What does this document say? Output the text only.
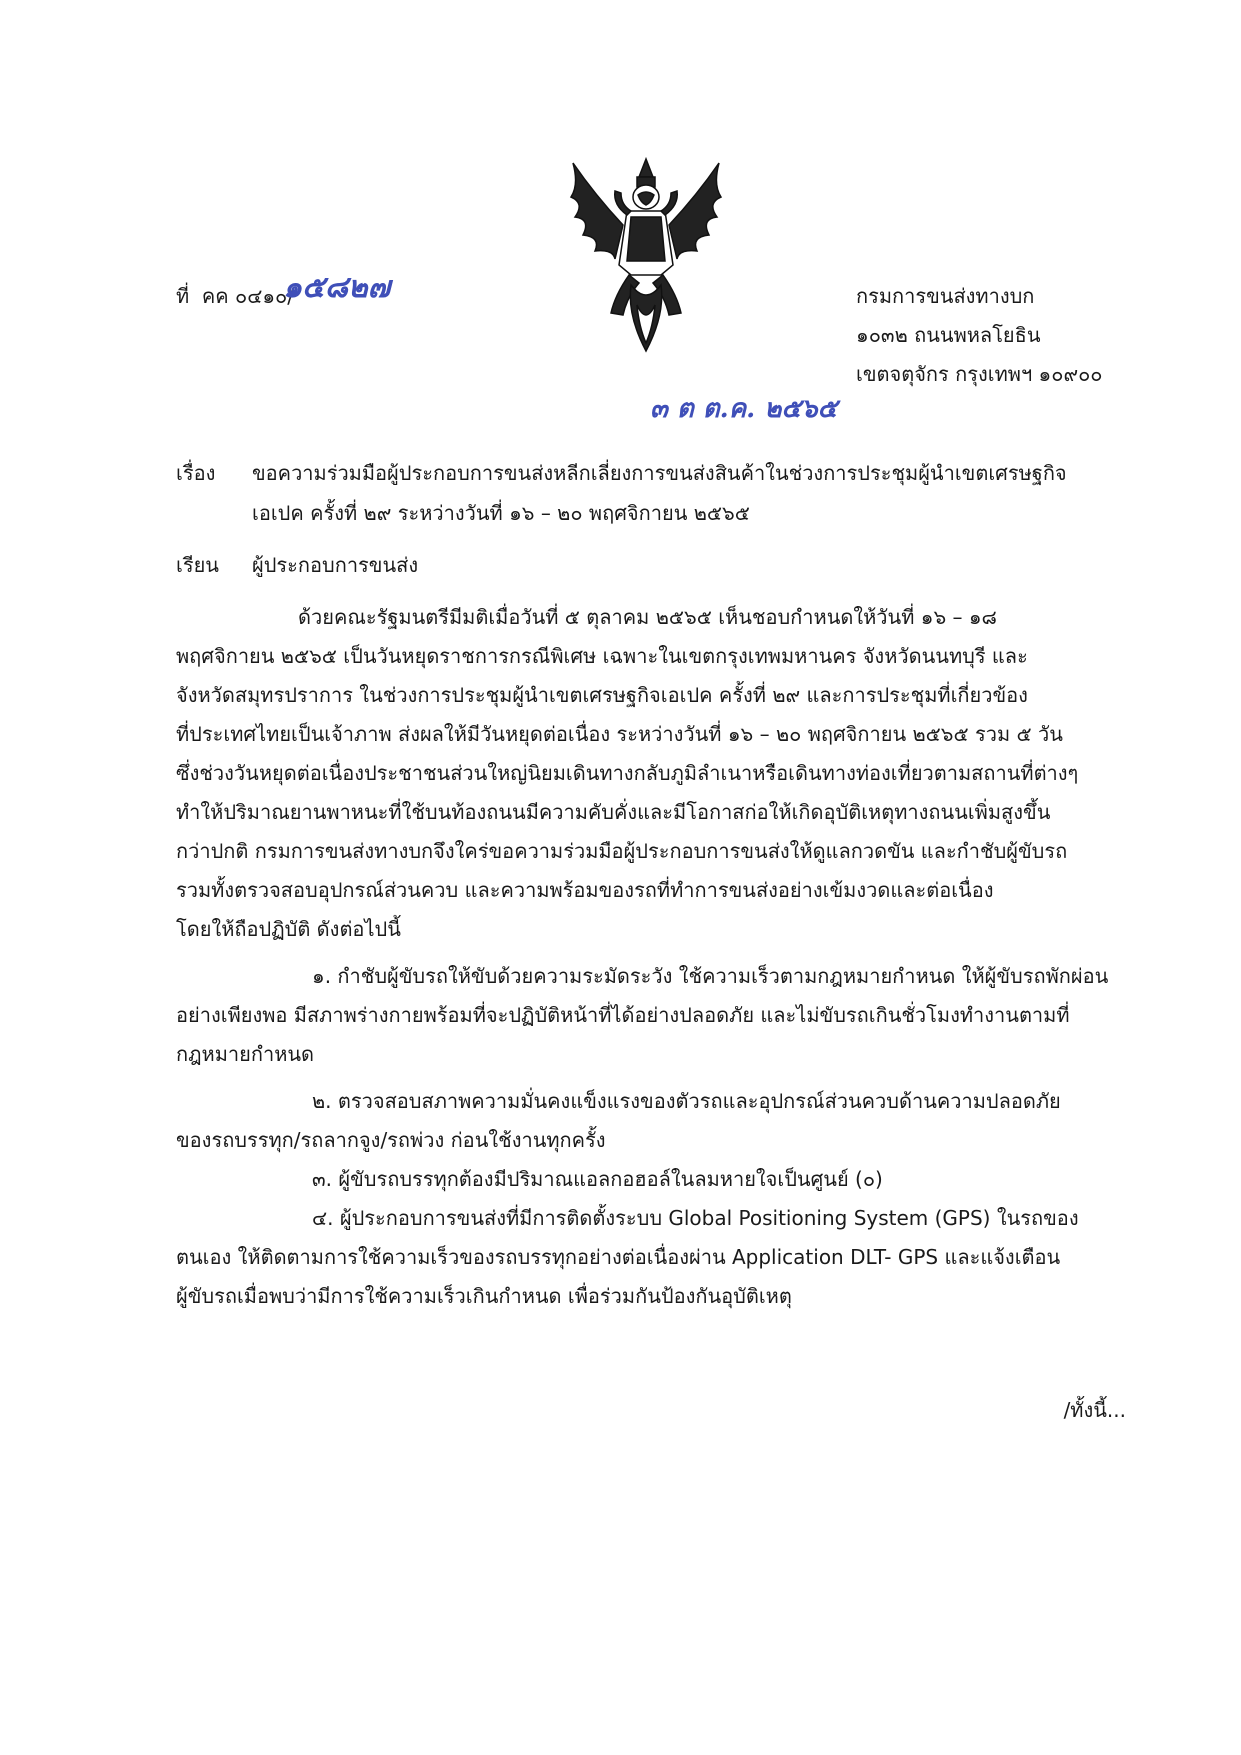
ที่ คค ๐๔๑๐/
๑๕๘๒๗	กรมการขนส่งทางบก
๑๐๓๒ ถนนพหลโยธิน
เขตจตุจักร กรุงเทพฯ ๑๐๙๐๐
๓ ต ต.ค. ๒๕๖๕
เรื่อง ขอความร่วมมือผู้ประกอบการขนส่งหลีกเลี่ยงการขนส่งสินค้าในช่วงการประชุมผู้นำเขตเศรษฐกิจ
เอเปค ครั้งที่ ๒๙ ระหว่างวันที่ ๑๖ – ๒๐ พฤศจิกายน ๒๕๖๕
เรียน ผู้ประกอบการขนส่ง
ด้วยคณะรัฐมนตรีมีมติเมื่อวันที่ ๕ ตุลาคม ๒๕๖๕ เห็นชอบกำหนดให้วันที่ ๑๖ – ๑๘
พฤศจิกายน ๒๕๖๕ เป็นวันหยุดราชการกรณีพิเศษ เฉพาะในเขตกรุงเทพมหานคร จังหวัดนนทบุรี และ
จังหวัดสมุทรปราการ ในช่วงการประชุมผู้นำเขตเศรษฐกิจเอเปค ครั้งที่ ๒๙ และการประชุมที่เกี่ยวข้อง
ที่ประเทศไทยเป็นเจ้าภาพ ส่งผลให้มีวันหยุดต่อเนื่อง ระหว่างวันที่ ๑๖ – ๒๐ พฤศจิกายน ๒๕๖๕ รวม ๕ วัน
ซึ่งช่วงวันหยุดต่อเนื่องประชาชนส่วนใหญ่นิยมเดินทางกลับภูมิลำเนาหรือเดินทางท่องเที่ยวตามสถานที่ต่างๆ
ทำให้ปริมาณยานพาหนะที่ใช้บนท้องถนนมีความคับคั่งและมีโอกาสก่อให้เกิดอุบัติเหตุทางถนนเพิ่มสูงขึ้น
กว่าปกติ กรมการขนส่งทางบกจึงใคร่ขอความร่วมมือผู้ประกอบการขนส่งให้ดูแลกวดขัน และกำชับผู้ขับรถ
รวมทั้งตรวจสอบอุปกรณ์ส่วนควบ และความพร้อมของรถที่ทำการขนส่งอย่างเข้มงวดและต่อเนื่อง
โดยให้ถือปฏิบัติ ดังต่อไปนี้
๑. กำชับผู้ขับรถให้ขับด้วยความระมัดระวัง ใช้ความเร็วตามกฎหมายกำหนด ให้ผู้ขับรถพักผ่อน
อย่างเพียงพอ มีสภาพร่างกายพร้อมที่จะปฏิบัติหน้าที่ได้อย่างปลอดภัย และไม่ขับรถเกินชั่วโมงทำงานตามที่
กฎหมายกำหนด
๒. ตรวจสอบสภาพความมั่นคงแข็งแรงของตัวรถและอุปกรณ์ส่วนควบด้านความปลอดภัย
ของรถบรรทุก/รถลากจูง/รถพ่วง ก่อนใช้งานทุกครั้ง
๓. ผู้ขับรถบรรทุกต้องมีปริมาณแอลกอฮอล์ในลมหายใจเป็นศูนย์ (๐)
๔. ผู้ประกอบการขนส่งที่มีการติดตั้งระบบ Global Positioning System (GPS) ในรถของ
ตนเอง ให้ติดตามการใช้ความเร็วของรถบรรทุกอย่างต่อเนื่องผ่าน Application DLT- GPS และแจ้งเตือน
ผู้ขับรถเมื่อพบว่ามีการใช้ความเร็วเกินกำหนด เพื่อร่วมกันป้องกันอุบัติเหตุ
/ทั้งนี้...
